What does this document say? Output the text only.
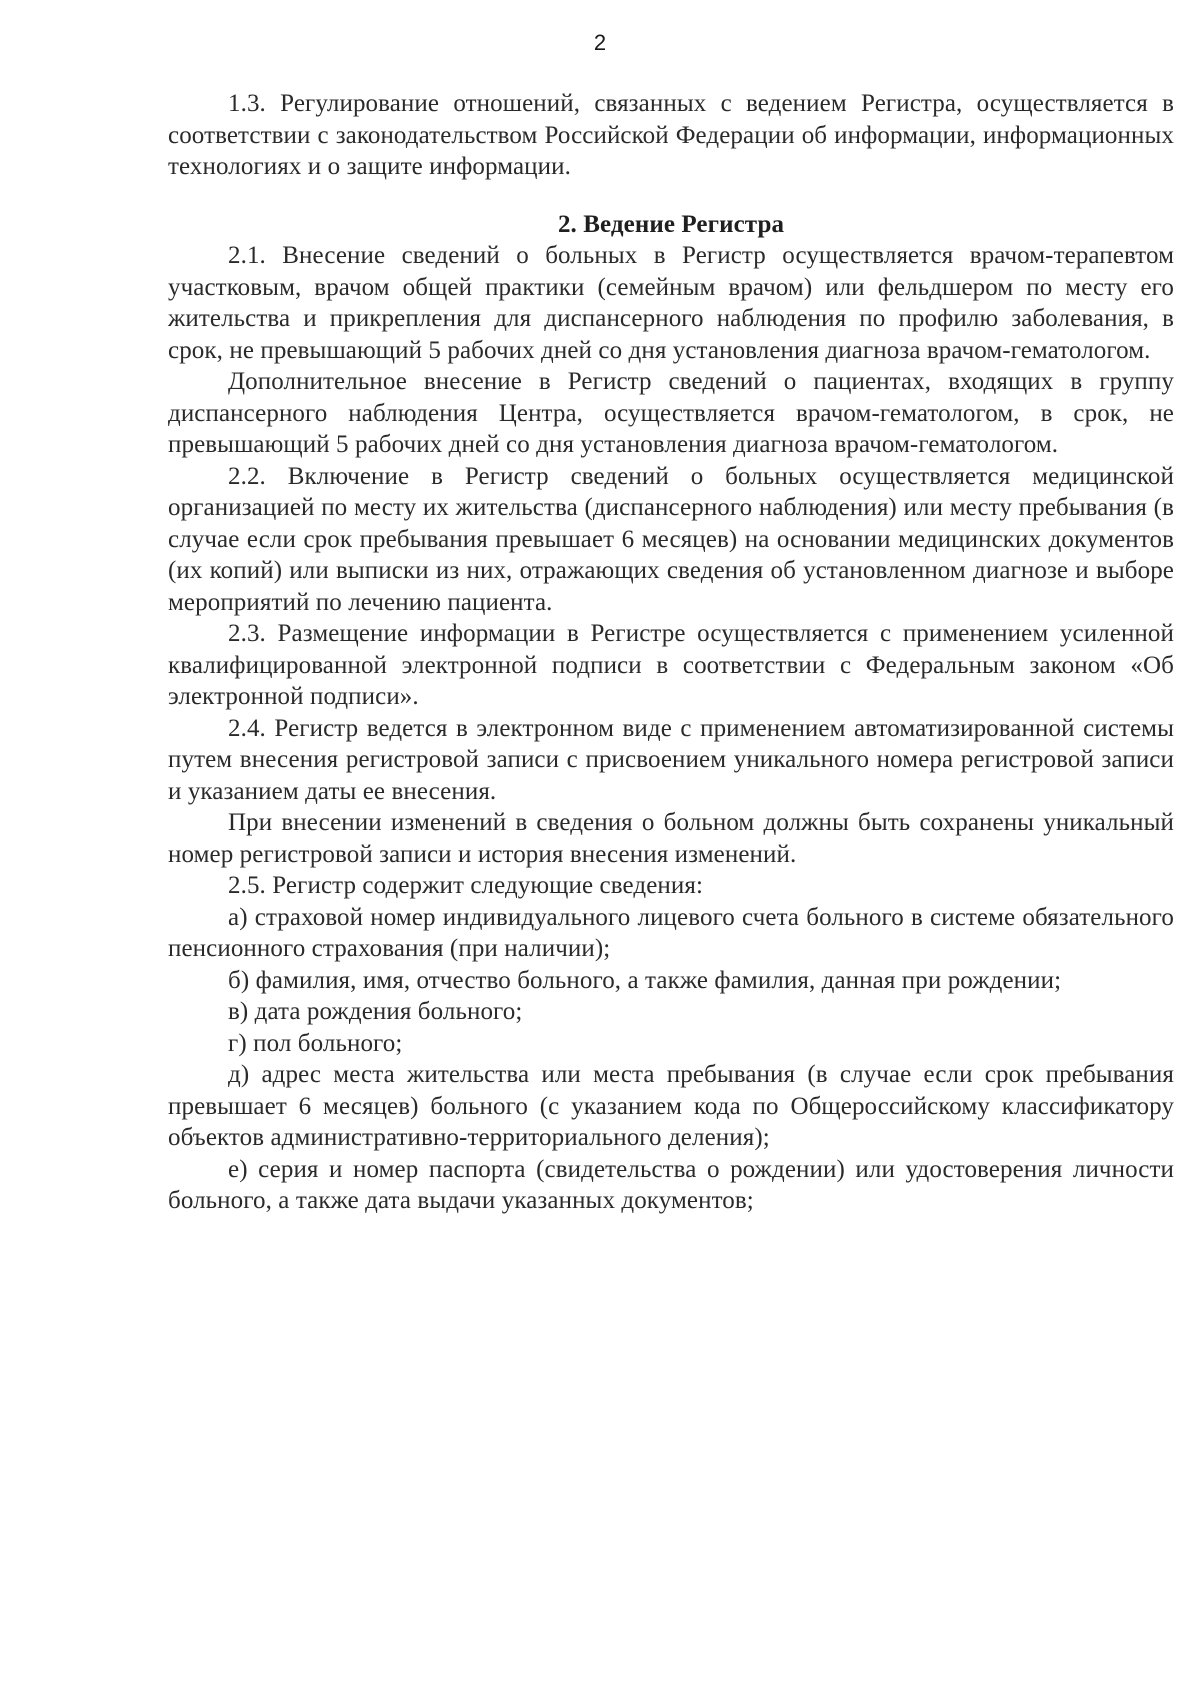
2

1.3. Регулирование отношений, связанных с ведением Регистра, осуществляется в соответствии с законодательством Российской Федерации об информации, информационных технологиях и о защите информации.

2. Ведение Регистра

2.1. Внесение сведений о больных в Регистр осуществляется врачом-терапевтом участковым, врачом общей практики (семейным врачом) или фельдшером по месту его жительства и прикрепления для диспансерного наблюдения по профилю заболевания, в срок, не превышающий 5 рабочих дней со дня установления диагноза врачом-гематологом.

Дополнительное внесение в Регистр сведений о пациентах, входящих в группу диспансерного наблюдения Центра, осуществляется врачом-гематологом, в срок, не превышающий 5 рабочих дней со дня установления диагноза врачом-гематологом.

2.2. Включение в Регистр сведений о больных осуществляется медицинской организацией по месту их жительства (диспансерного наблюдения) или месту пребывания (в случае если срок пребывания превышает 6 месяцев) на основании медицинских документов (их копий) или выписки из них, отражающих сведения об установленном диагнозе и выборе мероприятий по лечению пациента.

2.3. Размещение информации в Регистре осуществляется с применением усиленной квалифицированной электронной подписи в соответствии с Федеральным законом «Об электронной подписи».

2.4. Регистр ведется в электронном виде с применением автоматизированной системы путем внесения регистровой записи с присвоением уникального номера регистровой записи и указанием даты ее внесения.

При внесении изменений в сведения о больном должны быть сохранены уникальный номер регистровой записи и история внесения изменений.

2.5. Регистр содержит следующие сведения:

а) страховой номер индивидуального лицевого счета больного в системе обязательного пенсионного страхования (при наличии);

б) фамилия, имя, отчество больного, а также фамилия, данная при рождении;

в) дата рождения больного;

г) пол больного;

д) адрес места жительства или места пребывания (в случае если срок пребывания превышает 6 месяцев) больного (с указанием кода по Общероссийскому классификатору объектов административно-территориального деления);

е) серия и номер паспорта (свидетельства о рождении) или удостоверения личности больного, а также дата выдачи указанных документов;
